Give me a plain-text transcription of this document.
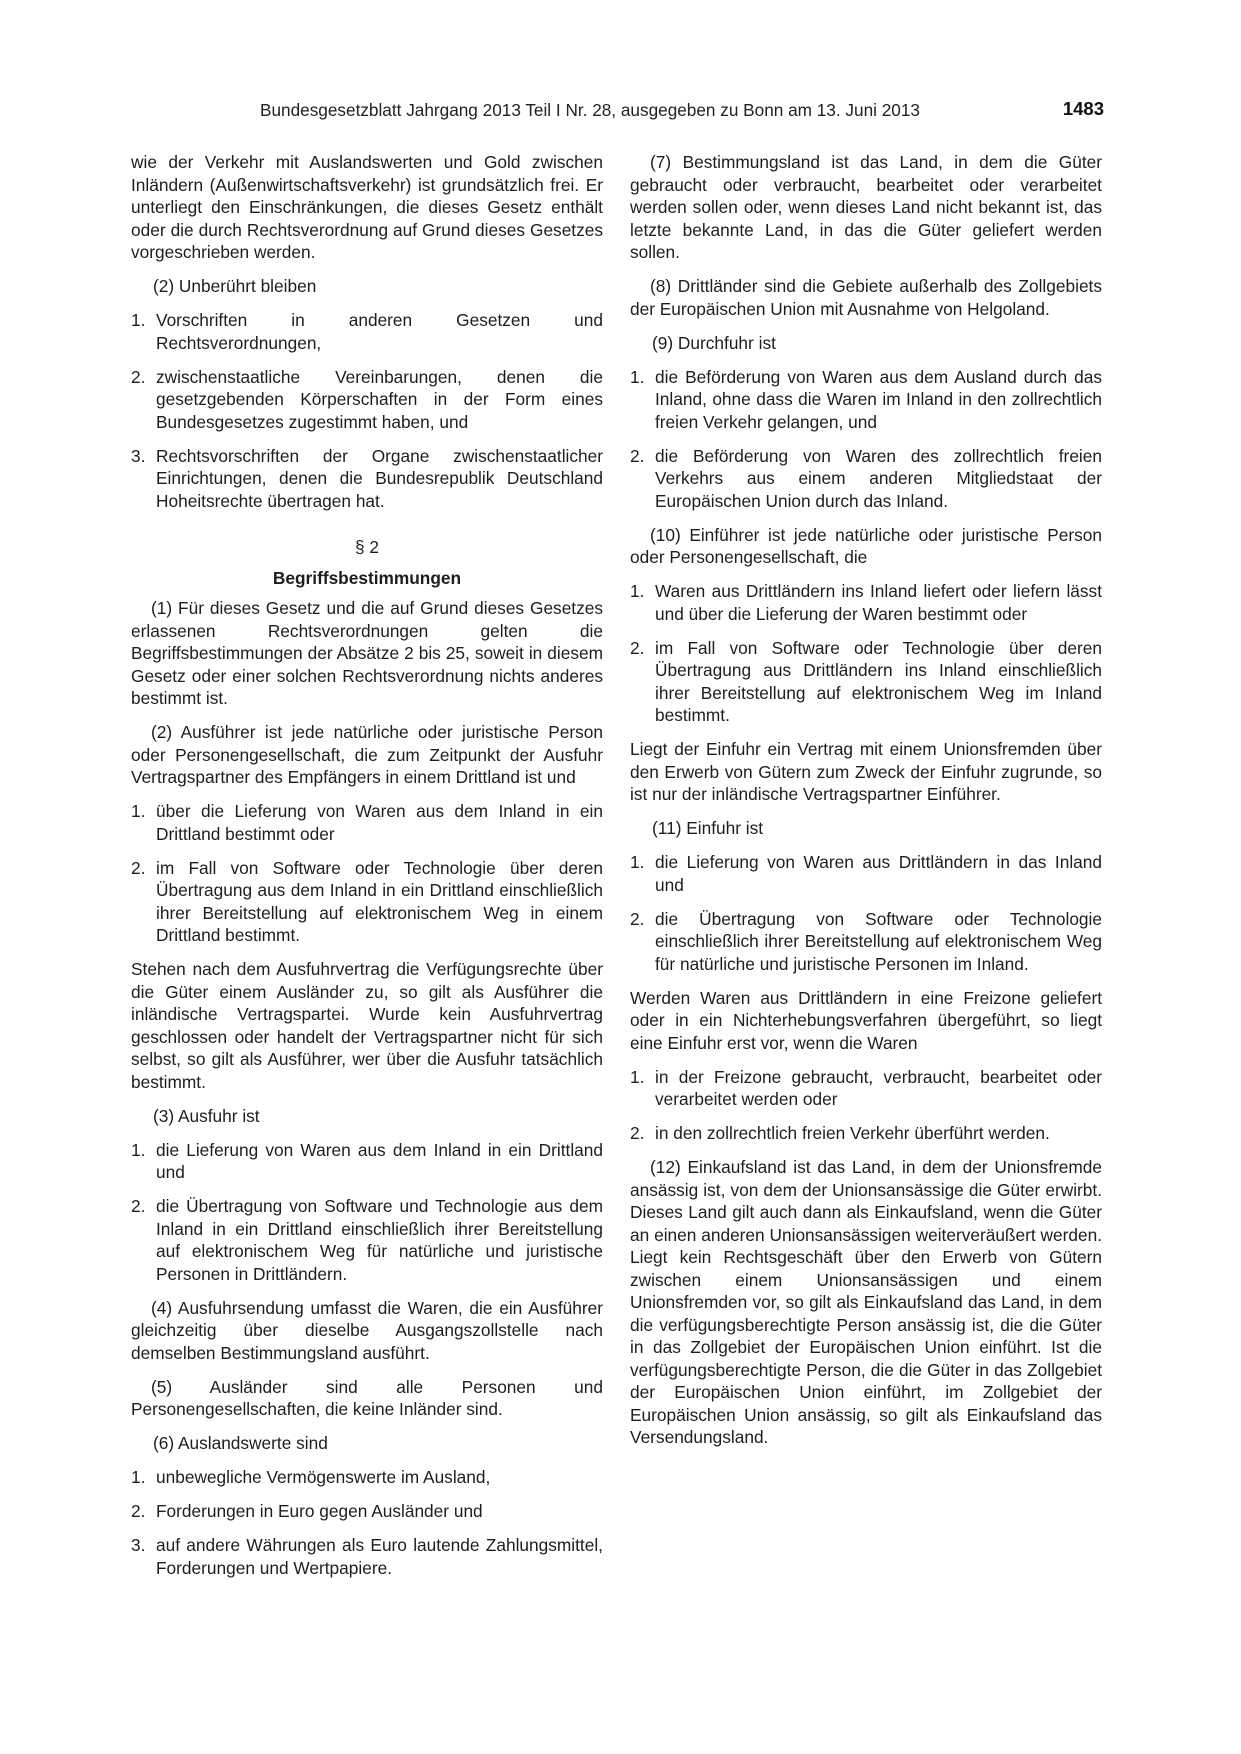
Bundesgesetzblatt Jahrgang 2013 Teil I Nr. 28, ausgegeben zu Bonn am 13. Juni 2013	1483

wie der Verkehr mit Auslandswerten und Gold zwischen Inländern (Außenwirtschaftsverkehr) ist grundsätzlich frei. Er unterliegt den Einschränkungen, die dieses Gesetz enthält oder die durch Rechtsverordnung auf Grund dieses Gesetzes vorgeschrieben werden.

(2) Unberührt bleiben

1. Vorschriften in anderen Gesetzen und Rechtsverordnungen,
2. zwischenstaatliche Vereinbarungen, denen die gesetzgebenden Körperschaften in der Form eines Bundesgesetzes zugestimmt haben, und
3. Rechtsvorschriften der Organe zwischenstaatlicher Einrichtungen, denen die Bundesrepublik Deutschland Hoheitsrechte übertragen hat.

§ 2

Begriffsbestimmungen

(1) Für dieses Gesetz und die auf Grund dieses Gesetzes erlassenen Rechtsverordnungen gelten die Begriffsbestimmungen der Absätze 2 bis 25, soweit in diesem Gesetz oder einer solchen Rechtsverordnung nichts anderes bestimmt ist.

(2) Ausführer ist jede natürliche oder juristische Person oder Personengesellschaft, die zum Zeitpunkt der Ausfuhr Vertragspartner des Empfängers in einem Drittland ist und

1. über die Lieferung von Waren aus dem Inland in ein Drittland bestimmt oder
2. im Fall von Software oder Technologie über deren Übertragung aus dem Inland in ein Drittland einschließlich ihrer Bereitstellung auf elektronischem Weg in einem Drittland bestimmt.

Stehen nach dem Ausfuhrvertrag die Verfügungsrechte über die Güter einem Ausländer zu, so gilt als Ausführer die inländische Vertragspartei. Wurde kein Ausfuhrvertrag geschlossen oder handelt der Vertragspartner nicht für sich selbst, so gilt als Ausführer, wer über die Ausfuhr tatsächlich bestimmt.

(3) Ausfuhr ist

1. die Lieferung von Waren aus dem Inland in ein Drittland und
2. die Übertragung von Software und Technologie aus dem Inland in ein Drittland einschließlich ihrer Bereitstellung auf elektronischem Weg für natürliche und juristische Personen in Drittländern.

(4) Ausfuhrsendung umfasst die Waren, die ein Ausführer gleichzeitig über dieselbe Ausgangszollstelle nach demselben Bestimmungsland ausführt.

(5) Ausländer sind alle Personen und Personengesellschaften, die keine Inländer sind.

(6) Auslandswerte sind

1. unbewegliche Vermögenswerte im Ausland,
2. Forderungen in Euro gegen Ausländer und
3. auf andere Währungen als Euro lautende Zahlungsmittel, Forderungen und Wertpapiere.

(7) Bestimmungsland ist das Land, in dem die Güter gebraucht oder verbraucht, bearbeitet oder verarbeitet werden sollen oder, wenn dieses Land nicht bekannt ist, das letzte bekannte Land, in das die Güter geliefert werden sollen.

(8) Drittländer sind die Gebiete außerhalb des Zollgebiets der Europäischen Union mit Ausnahme von Helgoland.

(9) Durchfuhr ist

1. die Beförderung von Waren aus dem Ausland durch das Inland, ohne dass die Waren im Inland in den zollrechtlich freien Verkehr gelangen, und
2. die Beförderung von Waren des zollrechtlich freien Verkehrs aus einem anderen Mitgliedstaat der Europäischen Union durch das Inland.

(10) Einführer ist jede natürliche oder juristische Person oder Personengesellschaft, die

1. Waren aus Drittländern ins Inland liefert oder liefern lässt und über die Lieferung der Waren bestimmt oder
2. im Fall von Software oder Technologie über deren Übertragung aus Drittländern ins Inland einschließlich ihrer Bereitstellung auf elektronischem Weg im Inland bestimmt.

Liegt der Einfuhr ein Vertrag mit einem Unionsfremden über den Erwerb von Gütern zum Zweck der Einfuhr zugrunde, so ist nur der inländische Vertragspartner Einführer.

(11) Einfuhr ist

1. die Lieferung von Waren aus Drittländern in das Inland und
2. die Übertragung von Software oder Technologie einschließlich ihrer Bereitstellung auf elektronischem Weg für natürliche und juristische Personen im Inland.

Werden Waren aus Drittländern in eine Freizone geliefert oder in ein Nichterhebungsverfahren übergeführt, so liegt eine Einfuhr erst vor, wenn die Waren

1. in der Freizone gebraucht, verbraucht, bearbeitet oder verarbeitet werden oder
2. in den zollrechtlich freien Verkehr überführt werden.

(12) Einkaufsland ist das Land, in dem der Unionsfremde ansässig ist, von dem der Unionsansässige die Güter erwirbt. Dieses Land gilt auch dann als Einkaufsland, wenn die Güter an einen anderen Unionsansässigen weiterveräußert werden. Liegt kein Rechtsgeschäft über den Erwerb von Gütern zwischen einem Unionsansässigen und einem Unionsfremden vor, so gilt als Einkaufsland das Land, in dem die verfügungsberechtigte Person ansässig ist, die die Güter in das Zollgebiet der Europäischen Union einführt. Ist die verfügungsberechtigte Person, die die Güter in das Zollgebiet der Europäischen Union einführt, im Zollgebiet der Europäischen Union ansässig, so gilt als Einkaufsland das Versendungsland.
